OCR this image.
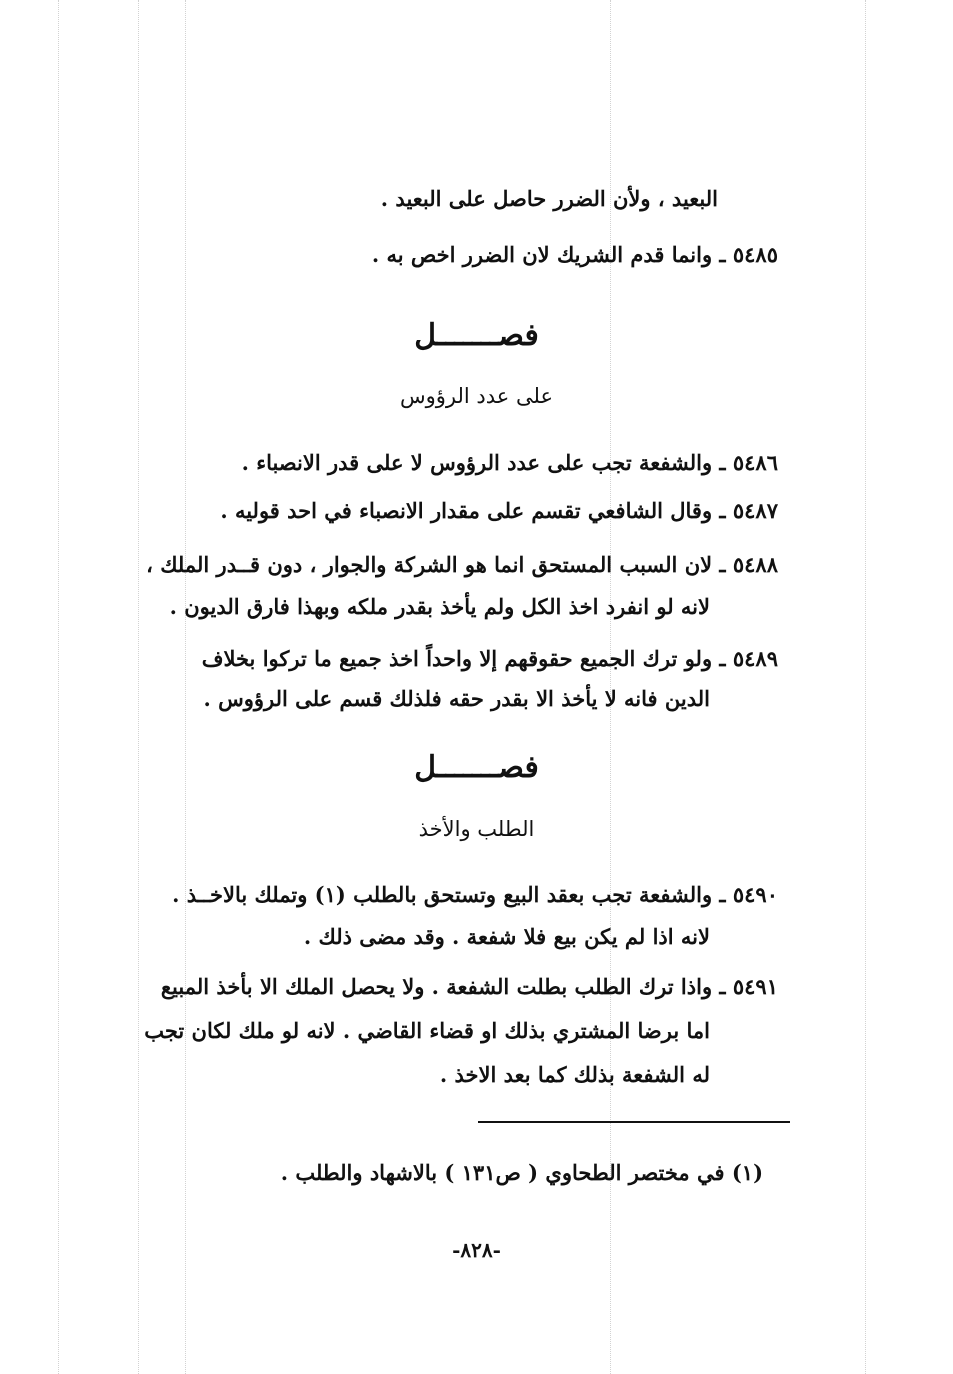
البعيد ، ولأن الضرر حاصل على البعيد .
٥٤٨٥ ـ وانما قدم الشريك لان الضرر اخص به .
فصـــــــل
على عدد الرؤوس
٥٤٨٦ ـ والشفعة تجب على عدد الرؤوس لا على قدر الانصباء .
٥٤٨٧ ـ وقال الشافعي تقسم على مقدار الانصباء في احد قوليه .
٥٤٨٨ ـ لان السبب المستحق انما هو الشركة والجوار ، دون قــدر الملك ،
لانه لو انفرد اخذ الكل ولم يأخذ بقدر ملكه وبهذا فارق الديون .
٥٤٨٩ ـ ولو ترك الجميع حقوقهم إلا واحداً اخذ جميع ما تركوا بخلاف
الدين فانه لا يأخذ الا بقدر حقه فلذلك قسم على الرؤوس .
فصـــــــل
الطلب والأخذ
٥٤٩٠ ـ والشفعة تجب بعقد البيع وتستحق بالطلب (١) وتملك بالاخــذ .
لانه اذا لم يكن بيع فلا شفعة . وقد مضى ذلك .
٥٤٩١ ـ واذا ترك الطلب بطلت الشفعة . ولا يحصل الملك الا بأخذ المبيع
اما برضا المشتري بذلك او قضاء القاضي . لانه لو ملك لكان تجب
له الشفعة بذلك كما بعد الاخذ .
(١) في مختصر الطحاوي ( ص١٣١ ) بالاشهاد والطلب .
-٨٢٨-
